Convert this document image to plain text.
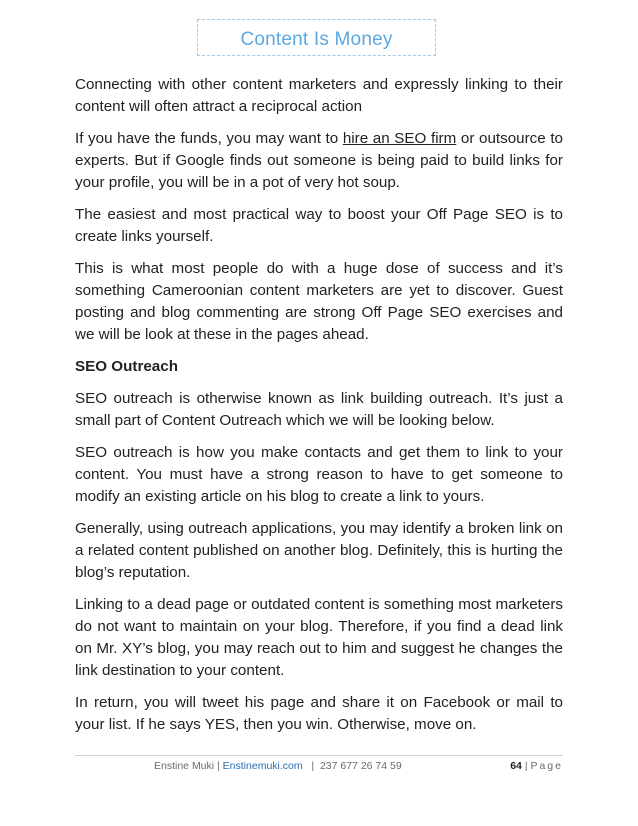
Content Is Money

Connecting with other content marketers and expressly linking to their content will often attract a reciprocal action

If you have the funds, you may want to hire an SEO firm or outsource to experts. But if Google finds out someone is being paid to build links for your profile, you will be in a pot of very hot soup.

The easiest and most practical way to boost your Off Page SEO is to create links yourself.

This is what most people do with a huge dose of success and it’s something Cameroonian content marketers are yet to discover. Guest posting and blog commenting are strong Off Page SEO exercises and we will be look at these in the pages ahead.

SEO Outreach

SEO outreach is otherwise known as link building outreach. It’s just a small part of Content Outreach which we will be looking below.

SEO outreach is how you make contacts and get them to link to your content. You must have a strong reason to have to get someone to modify an existing article on his blog to create a link to yours.

Generally, using outreach applications, you may identify a broken link on a related content published on another blog. Definitely, this is hurting the blog’s reputation.

Linking to a dead page or outdated content is something most marketers do not want to maintain on your blog. Therefore, if you find a dead link on Mr. XY’s blog, you may reach out to him and suggest he changes the link destination to your content.

In return, you will tweet his page and share it on Facebook or mail to your list. If he says YES, then you win. Otherwise, move on.

Enstine Muki | Enstinemuki.com   |  237 677 26 74 59	64 | Page
